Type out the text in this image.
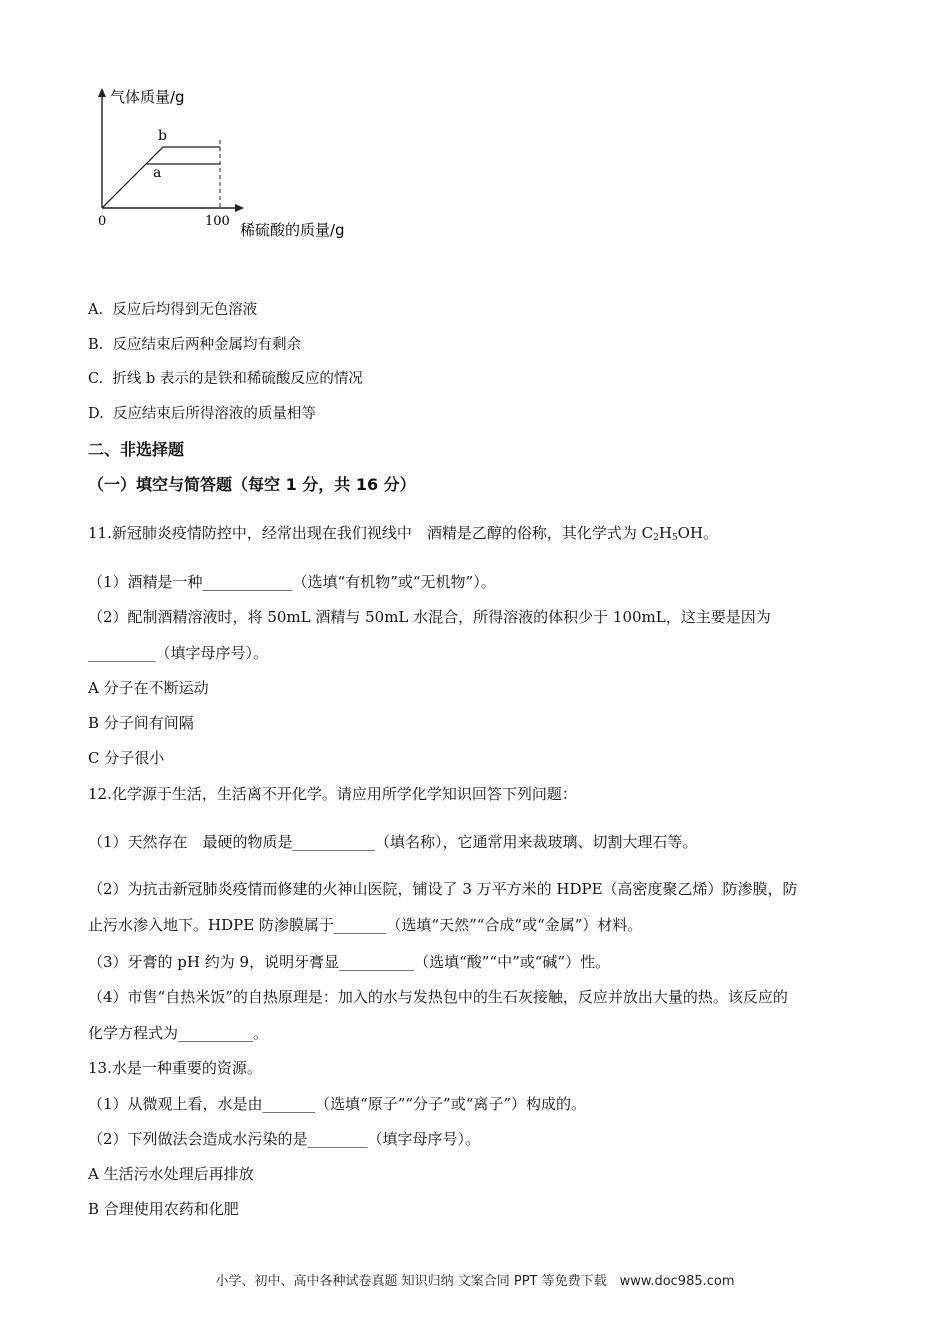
气体质量/g
b
a
0	100 稀硫酸的质量/g
A. 反应后均得到无色溶液
B. 反应结束后两种金属均有剩余
C. 折线 b 表示的是铁和稀硫酸反应的情况
D. 反应结束后所得溶液的质量相等
二、非选择题
（一）填空与简答题（每空 1 分，共 16 分）
11.新冠肺炎疫情防控中，经常出现在我们视线中　酒精是乙醇的俗称，其化学式为 $C_2H_5OH$。
（1）酒精是一种____________（选填“有机物”或“无机物”）。
（2）配制酒精溶液时，将 50mL 酒精与 50mL 水混合，所得溶液的体积少于 100mL，这主要是因为
_________（填字母序号）。
A 分子在不断运动
B 分子间有间隔
C 分子很小
12.化学源于生活，生活离不开化学。请应用所学化学知识回答下列问题：
（1）天然存在　最硬的物质是___________（填名称），它通常用来裁玻璃、切割大理石等。
（2）为抗击新冠肺炎疫情而修建的火神山医院，铺设了 3 万平方米的 HDPE（高密度聚乙烯）防渗膜，防
止污水渗入地下。HDPE 防渗膜属于_______（选填“天然”“合成”或“金属”）材料。
（3）牙膏的 pH 约为 9，说明牙膏显__________（选填“酸”“中”或“碱”）性。
（4）市售“自热米饭”的自热原理是：加入的水与发热包中的生石灰接触，反应并放出大量的热。该反应的
化学方程式为__________。
13.水是一种重要的资源。
（1）从微观上看，水是由_______（选填“原子”“分子”或“离子”）构成的。
（2）下列做法会造成水污染的是________（填字母序号）。
A 生活污水处理后再排放
B 合理使用农药和化肥
小学、初中、高中各种试卷真题 知识归纳 文案合同 PPT 等免费下载　www.doc985.com
